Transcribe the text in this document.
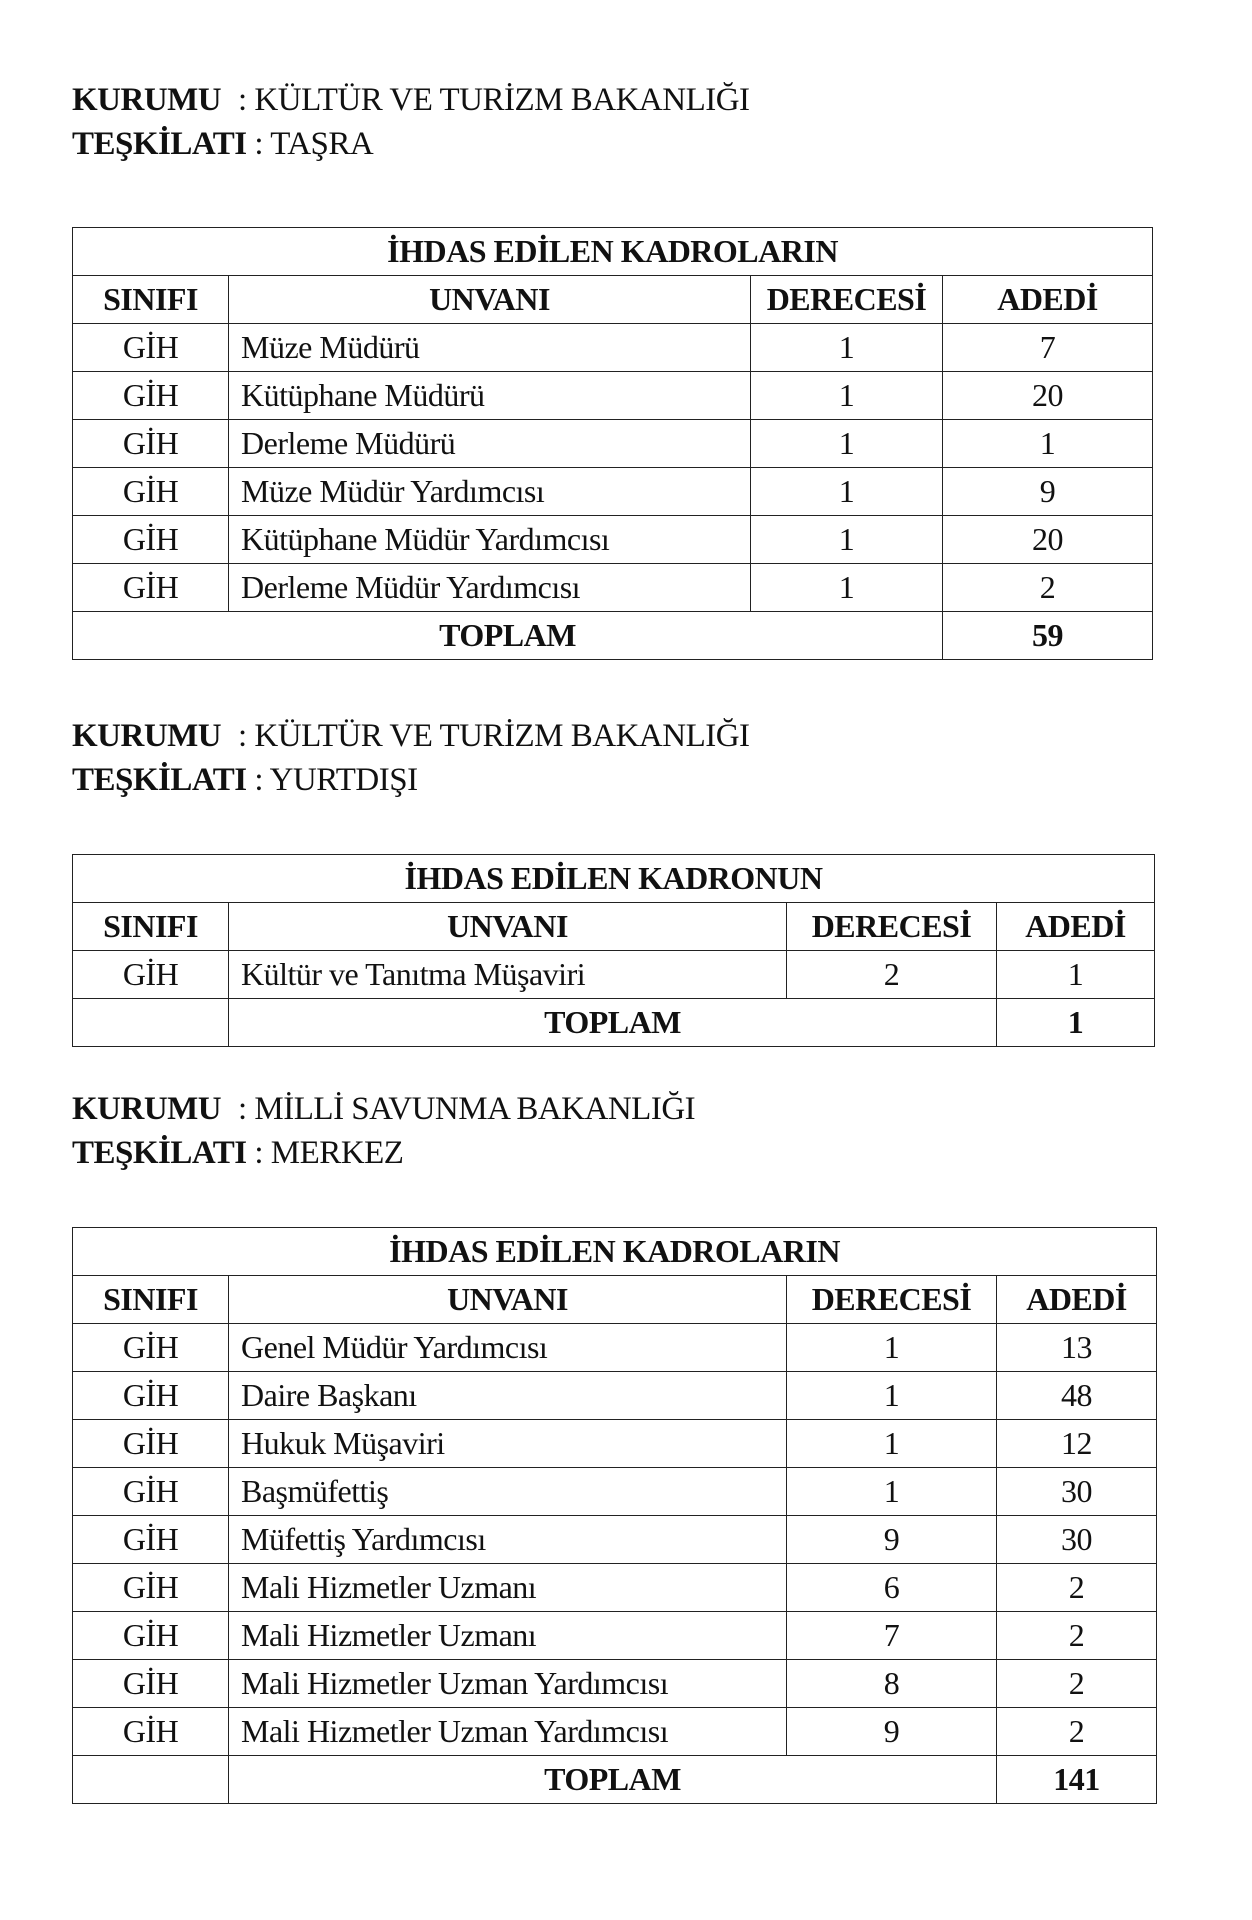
KURUMU : KÜLTÜR VE TURİZM BAKANLIĞI
TEŞKİLATI : TAŞRA
İHDAS EDİLEN KADROLARIN			
SINIFI	UNVANI	DERECESİ	ADEDİ
GİH	Müze Müdürü	1	7
GİH	Kütüphane Müdürü	1	20
GİH	Derleme Müdürü	1	1
GİH	Müze Müdür Yardımcısı	1	9
GİH	Kütüphane Müdür Yardımcısı	1	20
GİH	Derleme Müdür Yardımcısı	1	2
TOPLAM			59
KURUMU : KÜLTÜR VE TURİZM BAKANLIĞI
TEŞKİLATI : YURTDIŞI
İHDAS EDİLEN KADRONUN			
SINIFI	UNVANI	DERECESİ	ADEDİ
GİH	Kültür ve Tanıtma Müşaviri	2	1
	TOPLAM		1
KURUMU : MİLLİ SAVUNMA BAKANLIĞI
TEŞKİLATI : MERKEZ
İHDAS EDİLEN KADROLARIN			
SINIFI	UNVANI	DERECESİ	ADEDİ
GİH	Genel Müdür Yardımcısı	1	13
GİH	Daire Başkanı	1	48
GİH	Hukuk Müşaviri	1	12
GİH	Başmüfettiş	1	30
GİH	Müfettiş Yardımcısı	9	30
GİH	Mali Hizmetler Uzmanı	6	2
GİH	Mali Hizmetler Uzmanı	7	2
GİH	Mali Hizmetler Uzman Yardımcısı	8	2
GİH	Mali Hizmetler Uzman Yardımcısı	9	2
	TOPLAM		141
